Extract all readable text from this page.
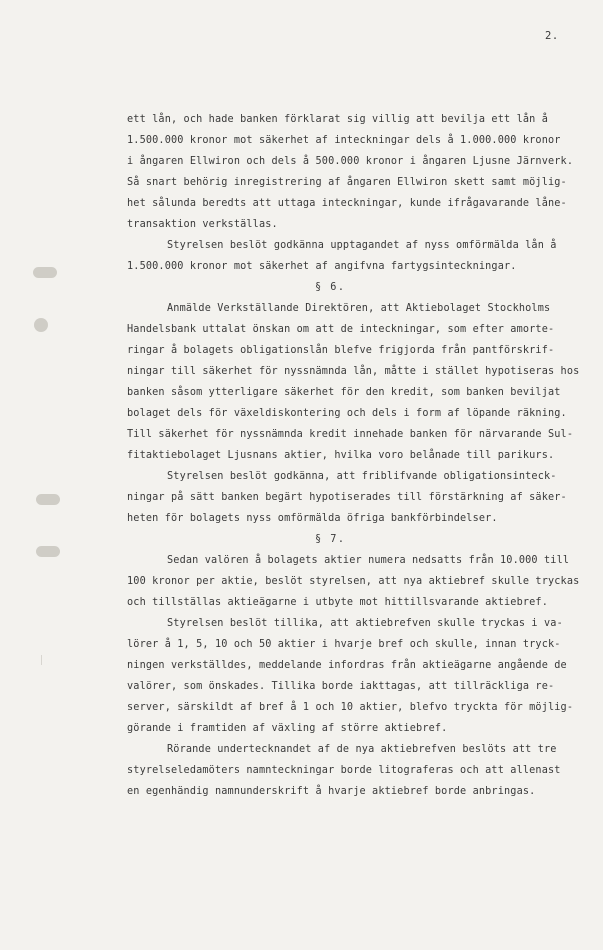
2.
ett lån, och hade banken förklarat sig villig att bevilja ett lån å
1.500.000 kronor mot säkerhet af inteckningar dels å 1.000.000 kronor
i ångaren Ellwiron och dels å 500.000 kronor i ångaren Ljusne Järnverk.
Så snart behörig inregistrering af ångaren Ellwiron skett samt möjlig-
het sålunda beredts att uttaga inteckningar, kunde ifrågavarande låne-
transaktion verkställas.
Styrelsen beslöt godkänna upptagandet af nyss omförmälda lån å
1.500.000 kronor mot säkerhet af angifvna fartygsinteckningar.
§ 6.
Anmälde Verkställande Direktören, att Aktiebolaget Stockholms
Handelsbank uttalat önskan om att de inteckningar, som efter amorte-
ringar å bolagets obligationslån blefve frigjorda från pantförskrif-
ningar till säkerhet för nyssnämnda lån, måtte i stället hypotiseras hos
banken såsom ytterligare säkerhet för den kredit, som banken beviljat
bolaget dels för växeldiskontering och dels i form af löpande räkning.
Till säkerhet för nyssnämnda kredit innehade banken för närvarande Sul-
fitaktiebolaget Ljusnans aktier, hvilka voro belånade till parikurs.
Styrelsen beslöt godkänna, att friblifvande obligationsinteck-
ningar på sätt banken begärt hypotiserades till förstärkning af säker-
heten för bolagets nyss omförmälda öfriga bankförbindelser.
§ 7.
Sedan valören å bolagets aktier numera nedsatts från 10.000 till
100 kronor per aktie, beslöt styrelsen, att nya aktiebref skulle tryckas
och tillställas aktieägarne i utbyte mot hittillsvarande aktiebref.
Styrelsen beslöt tillika, att aktiebrefven skulle tryckas i va-
lörer å 1, 5, 10 och 50 aktier i hvarje bref och skulle, innan tryck-
ningen verkställdes, meddelande infordras från aktieägarne angående de
valörer, som önskades. Tillika borde iakttagas, att tillräckliga re-
server, särskildt af bref å 1 och 10 aktier, blefvo tryckta för möjlig-
görande i framtiden af växling af större aktiebref.
Rörande undertecknandet af de nya aktiebrefven beslöts att tre
styrelseledamöters namnteckningar borde litograferas och att allenast
en egenhändig namnunderskrift å hvarje aktiebref borde anbringas.
